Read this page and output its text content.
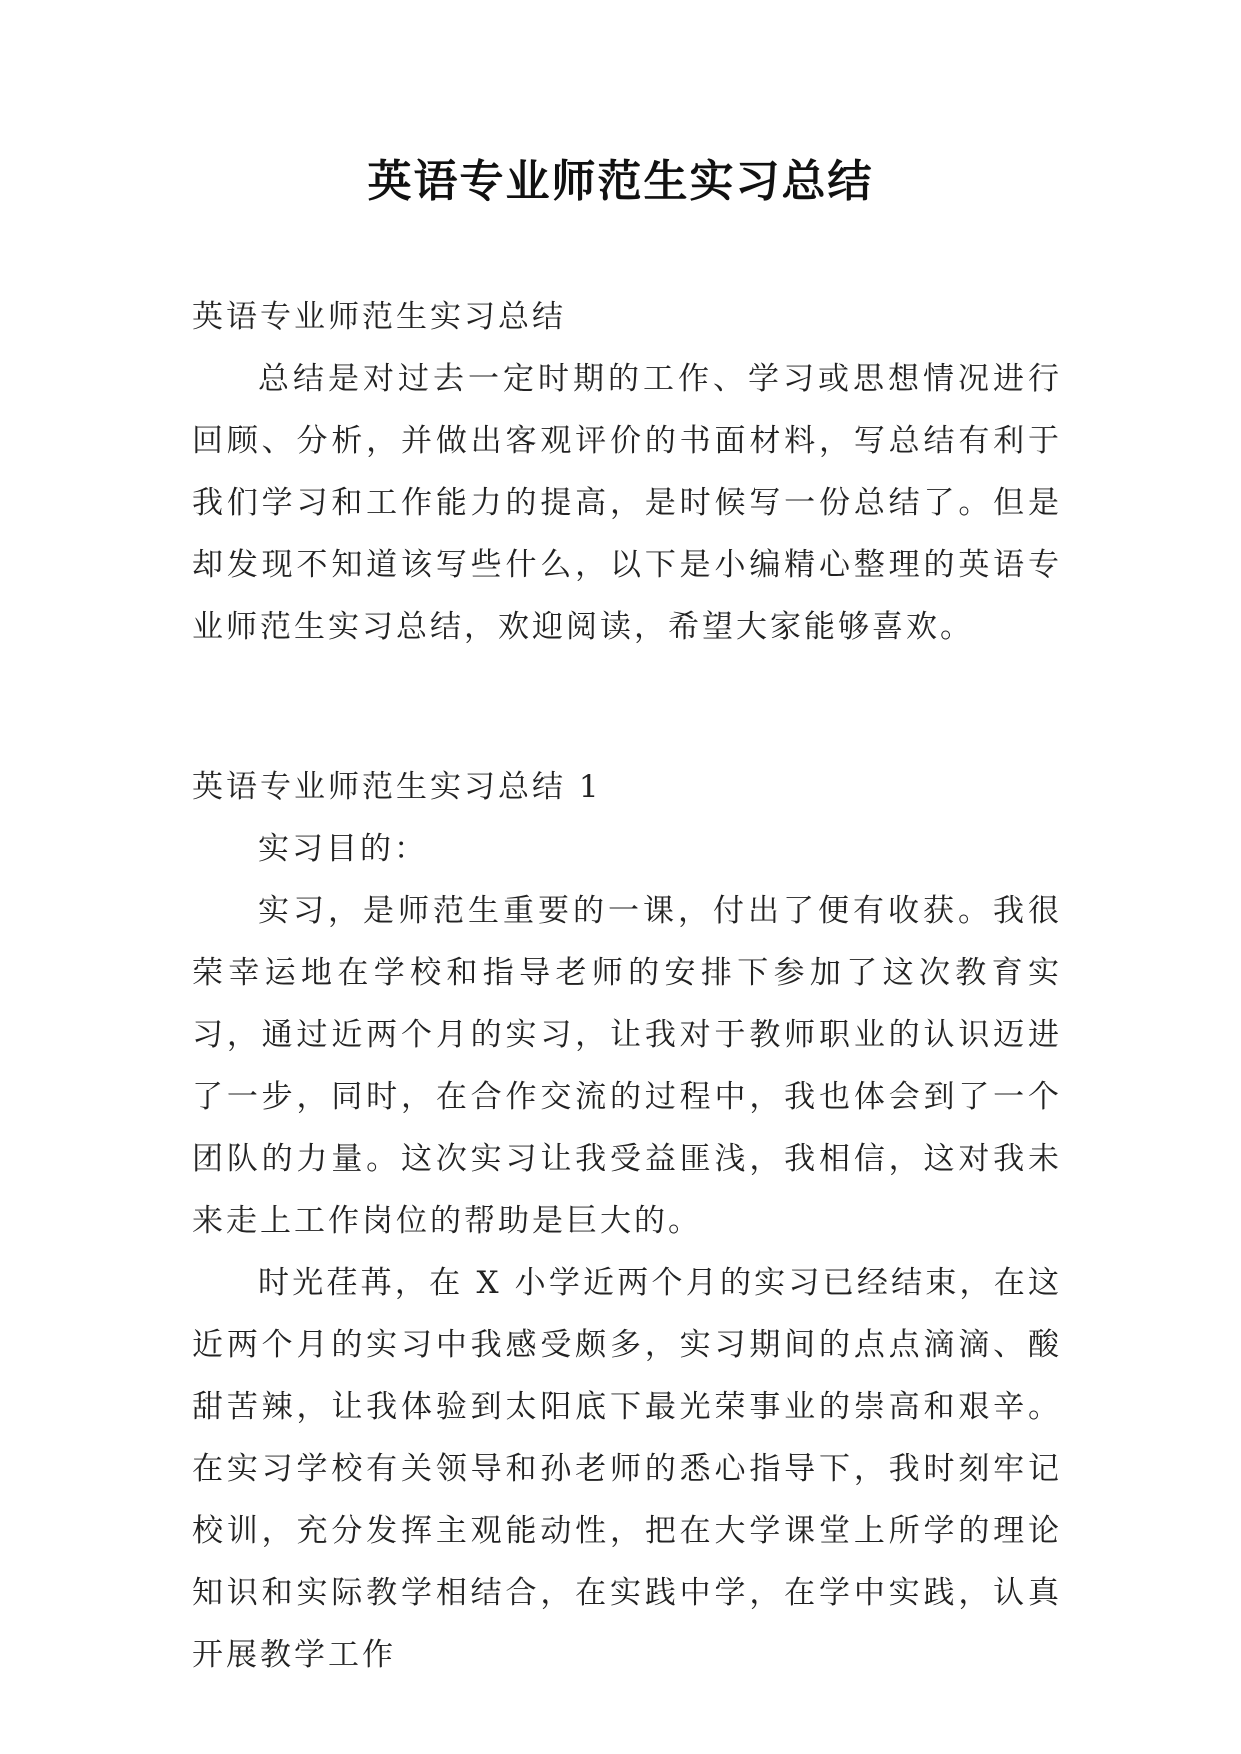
英语专业师范生实习总结
英语专业师范生实习总结

总结是对过去一定时期的工作、学习或思想情况进行回顾、分析，并做出客观评价的书面材料，写总结有利于我们学习和工作能力的提高，是时候写一份总结了。但是却发现不知道该写些什么，以下是小编精心整理的英语专业师范生实习总结，欢迎阅读，希望大家能够喜欢。

英语专业师范生实习总结 1

实习目的：

实习，是师范生重要的一课，付出了便有收获。我很荣幸运地在学校和指导老师的安排下参加了这次教育实习，通过近两个月的实习，让我对于教师职业的认识迈进了一步，同时，在合作交流的过程中，我也体会到了一个团队的力量。这次实习让我受益匪浅，我相信，这对我未来走上工作岗位的帮助是巨大的。

时光荏苒，在 X 小学近两个月的实习已经结束，在这近两个月的实习中我感受颇多，实习期间的点点滴滴、酸甜苦辣，让我体验到太阳底下最光荣事业的崇高和艰辛。在实习学校有关领导和孙老师的悉心指导下，我时刻牢记校训，充分发挥主观能动性，把在大学课堂上所学的理论知识和实际教学相结合，在实践中学，在学中实践，认真开展教学工作
